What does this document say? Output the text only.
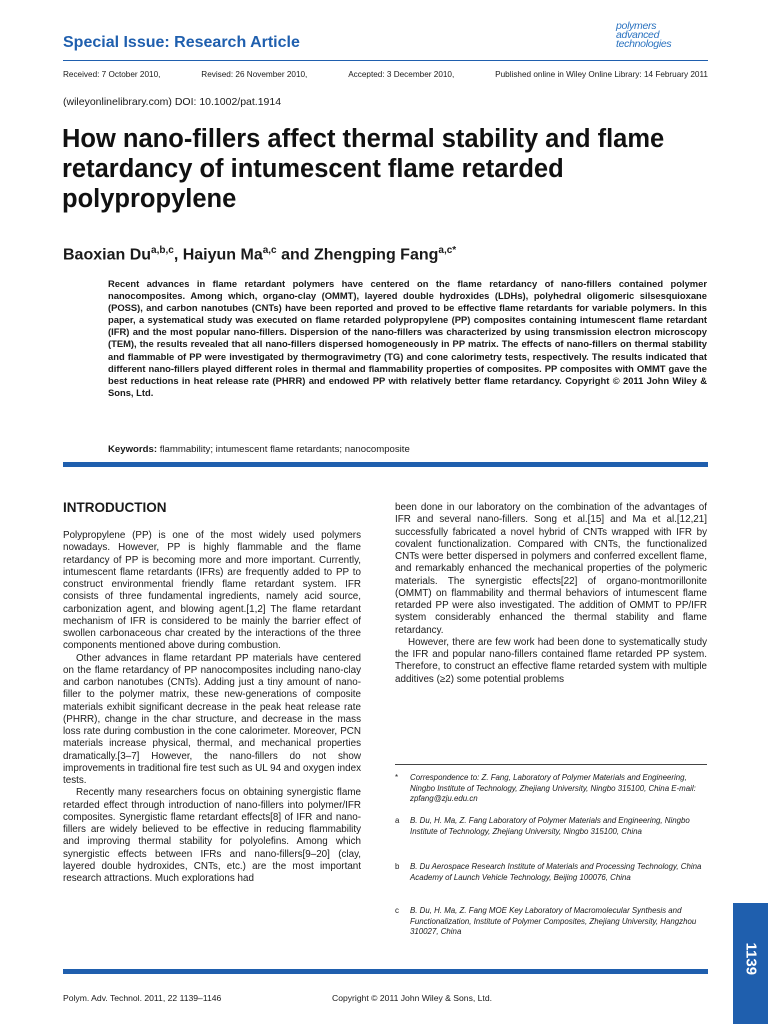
Special Issue: Research Article
polymers
advanced
technologies
Received: 7 October 2010,	Revised: 26 November 2010,	Accepted: 3 December 2010,	Published online in Wiley Online Library: 14 February 2011
(wileyonlinelibrary.com) DOI: 10.1002/pat.1914
How nano-fillers affect thermal stability and flame retardancy of intumescent flame retarded polypropylene
Baoxian Du$^{a,b,c}$, Haiyun Ma$^{a,c}$ and Zhengping Fang$^{a,c*}$
Recent advances in flame retardant polymers have centered on the flame retardancy of nano-fillers contained polymer nanocomposites. Among which, organo-clay (OMMT), layered double hydroxides (LDHs), polyhedral oligomeric silsesquioxane (POSS), and carbon nanotubes (CNTs) have been reported and proved to be effective flame retardants for variable polymers. In this paper, a systematical study was executed on flame retarded polypropylene (PP) composites containing intumescent flame retardant (IFR) and the most popular nano-fillers. Dispersion of the nano-fillers was characterized by using transmission electron microscopy (TEM), the results revealed that all nano-fillers dispersed homogeneously in PP matrix. The effects of nano-fillers on thermal stability and flammable of PP were investigated by thermogravimetry (TG) and cone calorimetry tests, respectively. The results indicated that different nano-fillers played different roles in thermal and flammability properties of composites. PP composites with OMMT gave the best reductions in heat release rate (PHRR) and endowed PP with relatively better flame retardancy. Copyright © 2011 John Wiley & Sons, Ltd.
Keywords: flammability; intumescent flame retardants; nanocomposite
INTRODUCTION

Polypropylene (PP) is one of the most widely used polymers nowadays. However, PP is highly flammable and the flame retardancy of PP is becoming more and more important. Currently, intumescent flame retardants (IFRs) are frequently added to PP to construct environmental friendly flame retardant system. IFR consists of three fundamental ingredients, namely acid source, carbonization agent, and blowing agent.[1,2] The flame retardant mechanism of IFR is considered to be mainly the barrier effect of swollen carbonaceous char created by the interactions of the three components mentioned above during combustion.

Other advances in flame retardant PP materials have centered on the flame retardancy of PP nanocomposites including nano-clay and carbon nanotubes (CNTs). Adding just a tiny amount of nano-filler to the polymer matrix, these new-generations of composite materials exhibit significant decrease in the peak heat release rate (PHRR), change in the char structure, and decrease in the mass loss rate during combustion in the cone calorimeter. Moreover, PCN materials increase physical, thermal, and mechanical properties dramatically.[3–7] However, the nano-fillers do not show improvements in traditional fire test such as UL 94 and oxygen index tests.

Recently many researchers focus on obtaining synergistic flame retarded effect through introduction of nano-fillers into polymer/IFR composites. Synergistic flame retardant effects[8] of IFR and nano-fillers are widely believed to be effective in reducing flammability and improving thermal stability for polyolefins. Among which synergistic effects between IFRs and nano-fillers[9–20] (clay, layered double hydroxides, CNTs, etc.) are the most important research attractions. Much explorations had

been done in our laboratory on the combination of the advantages of IFR and several nano-fillers. Song et al.[15] and Ma et al.[12,21] successfully fabricated a novel hybrid of CNTs wrapped with IFR by covalent functionalization. Compared with CNTs, the functionalized CNTs were better dispersed in polymers and conferred excellent flame, and remarkably enhanced the mechanical properties of the polymeric materials. The synergistic effects[22] of organo-montmorillonite (OMMT) on flammability and thermal behaviors of intumescent flame retarded PP were also investigated. The addition of OMMT to PP/IFR system considerably enhanced the thermal stability and flame retardancy.

However, there are few work had been done to systematically study the IFR and popular nano-fillers contained flame retarded PP system. Therefore, to construct an effective flame retarded system with multiple additives (≥2) some potential problems

* Correspondence to: Z. Fang, Laboratory of Polymer Materials and Engineering, Ningbo Institute of Technology, Zhejiang University, Ningbo 315100, China E-mail: zpfang@zju.edu.cn
a B. Du, H. Ma, Z. Fang Laboratory of Polymer Materials and Engineering, Ningbo Institute of Technology, Zhejiang University, Ningbo 315100, China
b B. Du Aerospace Research Institute of Materials and Processing Technology, China Academy of Launch Vehicle Technology, Beijing 100076, China
c B. Du, H. Ma, Z. Fang MOE Key Laboratory of Macromolecular Synthesis and Functionalization, Institute of Polymer Composites, Zhejiang University, Hangzhou 310027, China
Polym. Adv. Technol. 2011, 22 1139–1146	Copyright © 2011 John Wiley & Sons, Ltd.
1139
